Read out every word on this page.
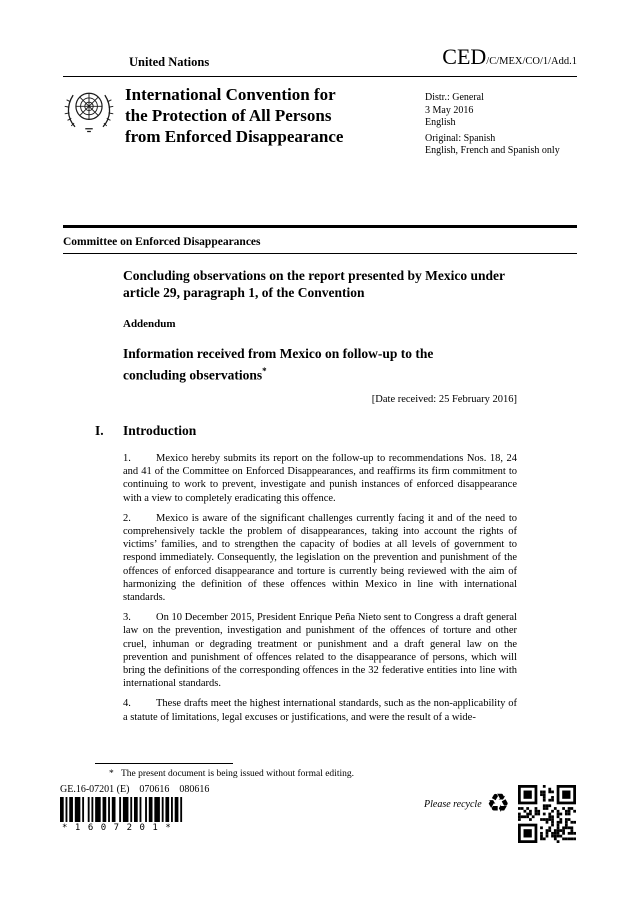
United Nations	CED/C/MEX/CO/1/Add.1
International Convention for
the Protection of All Persons
from Enforced Disappearance
Distr.: General
3 May 2016
English
Original: Spanish
English, French and Spanish only
Committee on Enforced Disappearances
Concluding observations on the report presented by Mexico under article 29, paragraph 1, of the Convention
Addendum
Information received from Mexico on follow-up to the concluding observations*
[Date received: 25 February 2016]
I. Introduction

1. Mexico hereby submits its report on the follow-up to recommendations Nos. 18, 24 and 41 of the Committee on Enforced Disappearances, and reaffirms its firm commitment to continuing to work to prevent, investigate and punish instances of enforced disappearance with a view to completely eradicating this offence.

2. Mexico is aware of the significant challenges currently facing it and of the need to comprehensively tackle the problem of disappearances, taking into account the rights of victims’ families, and to strengthen the capacity of bodies at all levels of government to respond immediately. Consequently, the legislation on the prevention and punishment of the offences of enforced disappearance and torture is currently being reviewed with the aim of harmonizing the definition of these offences within Mexico in line with international standards.

3. On 10 December 2015, President Enrique Peña Nieto sent to Congress a draft general law on the prevention, investigation and punishment of the offences of torture and other cruel, inhuman or degrading treatment or punishment and a draft general law on the prevention and punishment of offences related to the disappearance of persons, which will bring the definitions of the corresponding offences in the 32 federative entities into line with international standards.

4. These drafts meet the highest international standards, such as the non-applicability of a statute of limitations, legal excuses or justifications, and were the result of a wide-

* The present document is being issued without formal editing.
GE.16-07201 (E)    070616    080616
*1607201*
Please recycle ♻
